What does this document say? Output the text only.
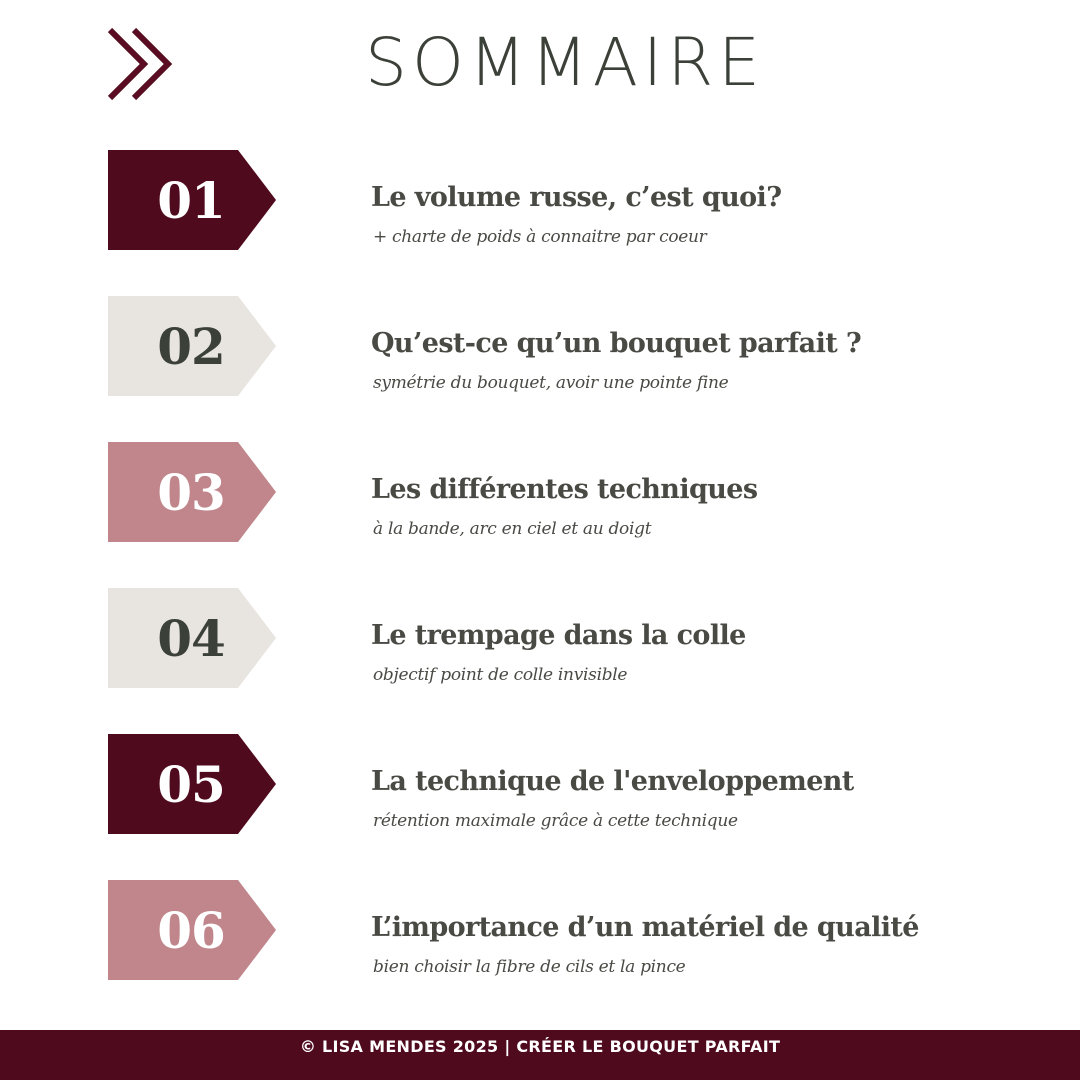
SOMMAIRE
01	Le volume russe, c’est quoi?
+ charte de poids à connaitre par coeur
02	Qu’est-ce qu’un bouquet parfait ?
symétrie du bouquet, avoir une pointe fine
03	Les différentes techniques
à la bande, arc en ciel et au doigt
04	Le trempage dans la colle
objectif point de colle invisible
05	La technique de l'enveloppement
rétention maximale grâce à cette technique
06	L’importance d’un matériel de qualité
bien choisir la fibre de cils et la pince
© LISA MENDES 2025 | CRÉER LE BOUQUET PARFAIT
